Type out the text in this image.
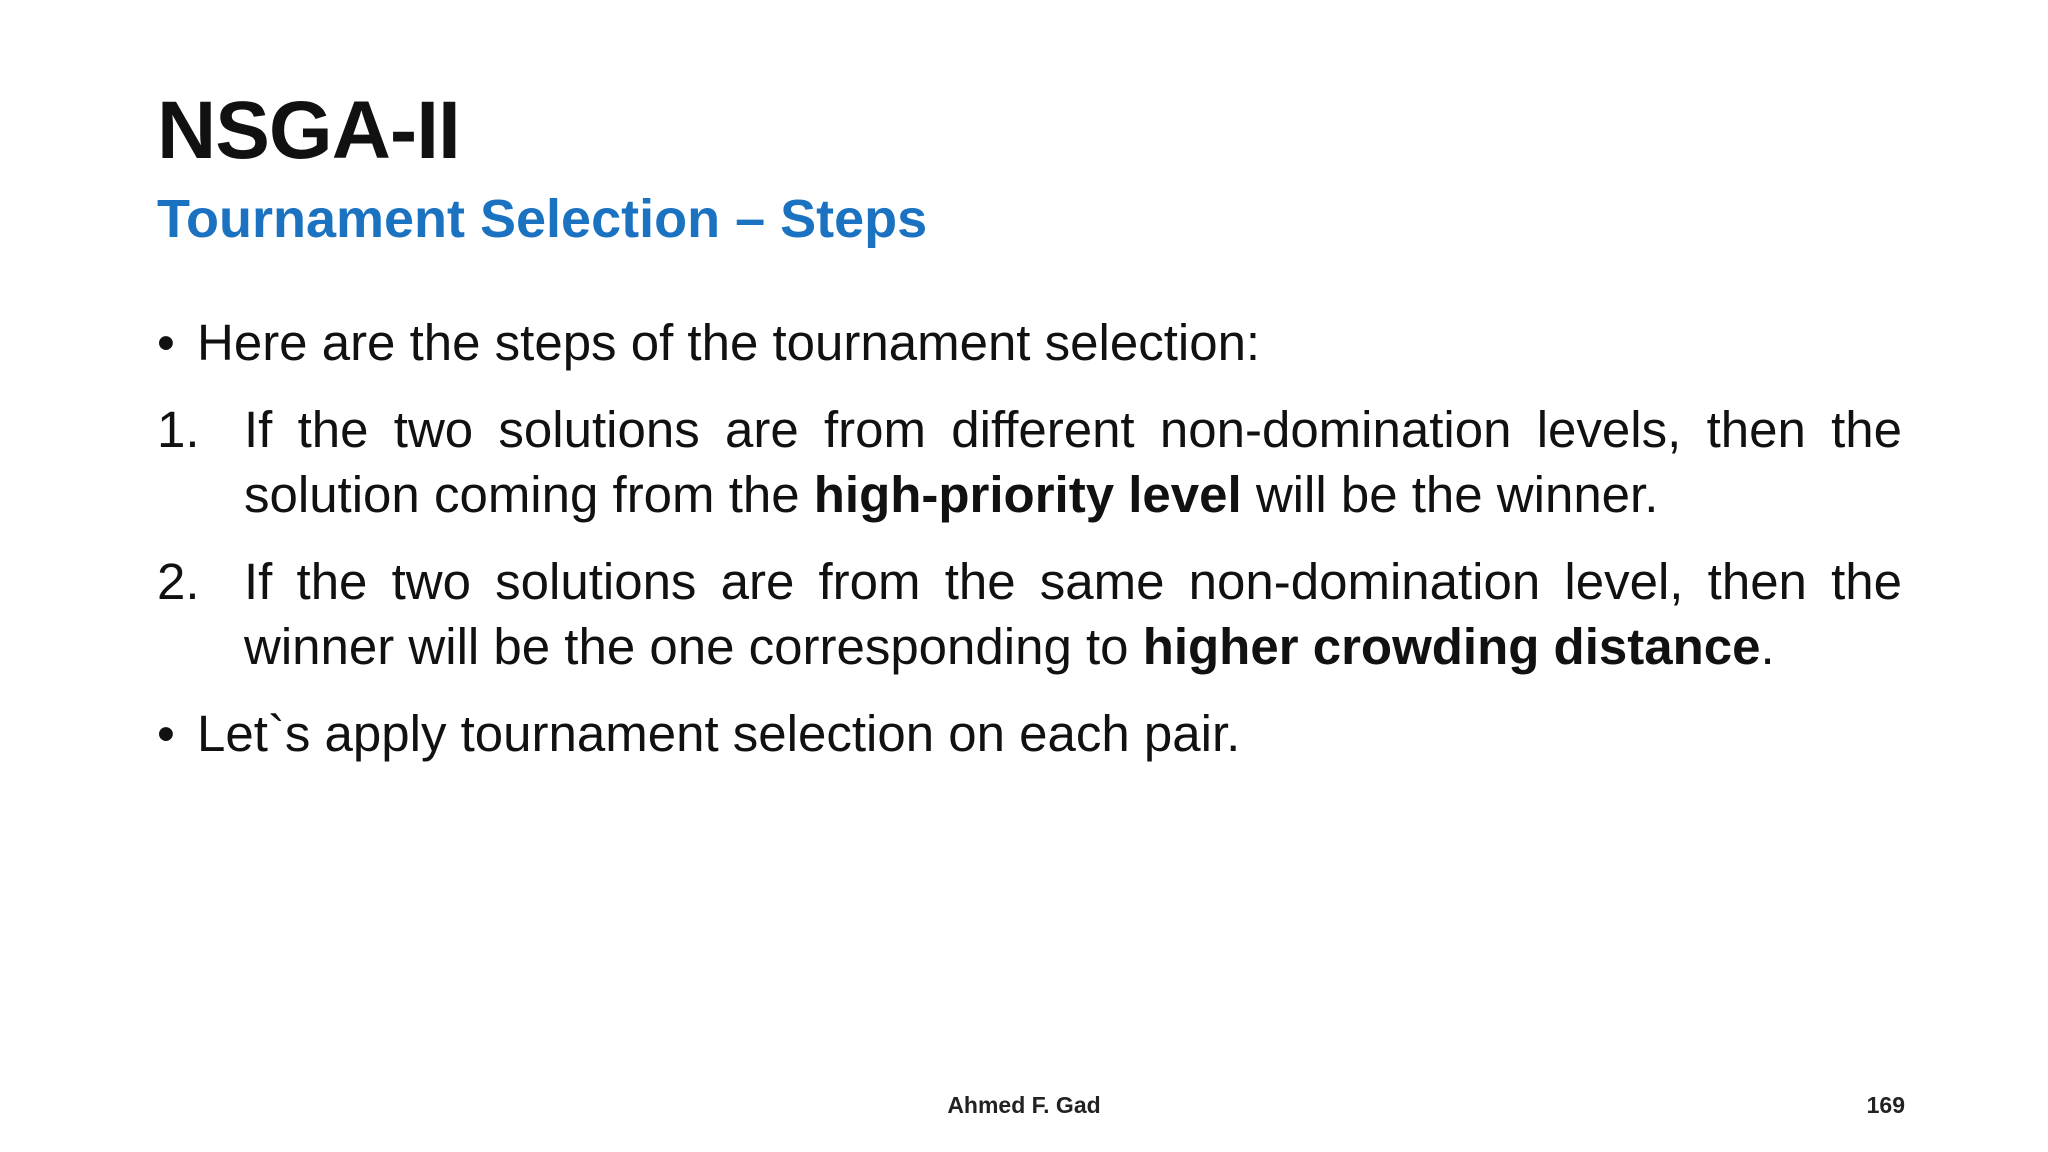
NSGA-II
Tournament Selection – Steps
• Here are the steps of the tournament selection:
1. If the two solutions are from different non-domination levels, then the solution coming from the high-priority level will be the winner.
2. If the two solutions are from the same non-domination level, then the winner will be the one corresponding to higher crowding distance.
• Let`s apply tournament selection on each pair.
Ahmed F. Gad	169
